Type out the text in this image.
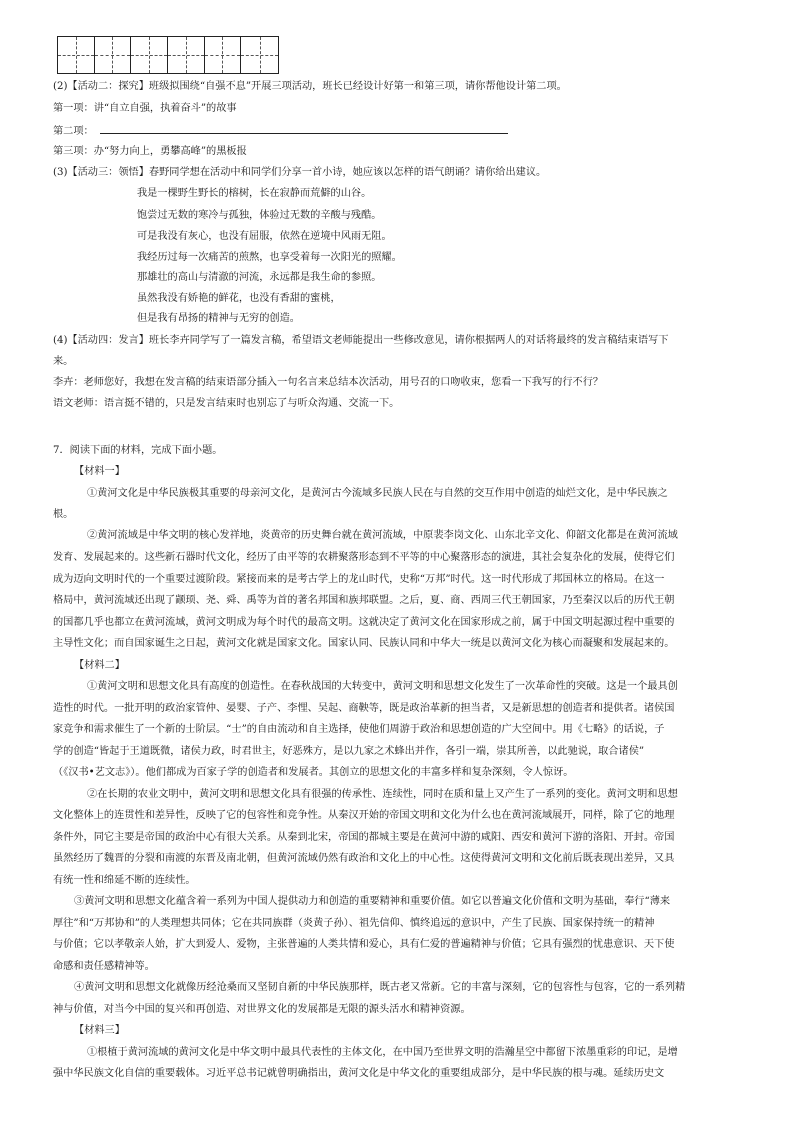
(2)【活动二：探究】班级拟围绕“自强不息”开展三项活动，班长已经设计好第一和第三项，请你帮他设计第二项。
第一项：讲“自立自强，执着奋斗”的故事
第二项：
第三项：办“努力向上，勇攀高峰”的黑板报
(3)【活动三：领悟】春野同学想在活动中和同学们分享一首小诗，她应该以怎样的语气朗诵？请你给出建议。
我是一棵野生野长的榕树，长在寂静而荒僻的山谷。
饱尝过无数的寒冷与孤独，体验过无数的辛酸与残酷。
可是我没有灰心，也没有屈服，依然在逆境中风雨无阻。
我经历过每一次痛苦的煎熬，也享受着每一次阳光的照耀。
那雄壮的高山与清澈的河流，永远都是我生命的参照。
虽然我没有娇艳的鲜花，也没有香甜的蜜桃，
但是我有昂扬的精神与无穷的创造。
(4)【活动四：发言】班长李卉同学写了一篇发言稿，希望语文老师能提出一些修改意见，请你根据两人的对话将最终的发言稿结束语写下
来。
李卉：老师您好，我想在发言稿的结束语部分插入一句名言来总结本次活动，用号召的口吻收束，您看一下我写的行不行？
语文老师：语言挺不错的，只是发言结束时也别忘了与听众沟通、交流一下。
7．阅读下面的材料，完成下面小题。
【材料一】
①黄河文化是中华民族极其重要的母亲河文化，是黄河古今流域多民族人民在与自然的交互作用中创造的灿烂文化，是中华民族之
根。
②黄河流域是中华文明的核心发祥地，炎黄帝的历史舞台就在黄河流域，中原裴李岗文化、山东北辛文化、仰韶文化都是在黄河流域
发育、发展起来的。这些新石器时代文化，经历了由平等的农耕聚落形态到不平等的中心聚落形态的演进，其社会复杂化的发展，使得它们
成为迈向文明时代的一个重要过渡阶段。紧接而来的是考古学上的龙山时代，史称“万邦”时代。这一时代形成了邦国林立的格局。在这一
格局中，黄河流域还出现了颛顼、尧、舜、禹等为首的著名邦国和族邦联盟。之后，夏、商、西周三代王朝国家，乃至秦汉以后的历代王朝
的国都几乎也都立在黄河流域，黄河文明成为每个时代的最高文明。这就决定了黄河文化在国家形成之前，属于中国文明起源过程中重要的
主导性文化；而自国家诞生之日起，黄河文化就是国家文化。国家认同、民族认同和中华大一统是以黄河文化为核心而凝聚和发展起来的。
【材料二】
①黄河文明和思想文化具有高度的创造性。在春秋战国的大转变中，黄河文明和思想文化发生了一次革命性的突破。这是一个最具创
造性的时代。一批开明的政治家管仲、晏婴、子产、李悝、吴起、商鞅等，既是政治革新的担当者，又是新思想的创造者和提供者。诸侯国
家竞争和需求催生了一个新的士阶层。“士”的自由流动和自主选择，使他们周游于政治和思想创造的广大空间中。用《七略》的话说，子
学的创造“皆起于王道既微，诸侯力政，时君世主，好恶殊方，是以九家之术蜂出并作，各引一端，崇其所善，以此驰说，取合诸侯”
（《汉书•艺文志》）。他们都成为百家子学的创造者和发展者。其创立的思想文化的丰富多样和复杂深刻，令人惊讶。
②在长期的农业文明中，黄河文明和思想文化具有很强的传承性、连续性，同时在质和量上又产生了一系列的变化。黄河文明和思想
文化整体上的连贯性和差异性，反映了它的包容性和竞争性。从秦汉开始的帝国文明和文化为什么也在黄河流域展开，同样，除了它的地理
条件外，同它主要是帝国的政治中心有很大关系。从秦到北宋，帝国的都城主要是在黄河中游的咸阳、西安和黄河下游的洛阳、开封。帝国
虽然经历了魏晋的分裂和南渡的东晋及南北朝，但黄河流域仍然有政治和文化上的中心性。这使得黄河文明和文化前后既表现出差异，又具
有统一性和绵延不断的连续性。
③黄河文明和思想文化蕴含着一系列为中国人提供动力和创造的重要精神和重要价值。如它以普遍文化价值和文明为基础，奉行“薄来
厚往”和“万邦协和”的人类理想共同体；它在共同族群（炎黄子孙）、祖先信仰、慎终追远的意识中，产生了民族、国家保持统一的精神
与价值；它以孝敬亲人始，扩大到爱人、爱物，主张普遍的人类共情和爱心，具有仁爱的普遍精神与价值；它具有强烈的忧患意识、天下使
命感和责任感精神等。
④黄河文明和思想文化就像历经沧桑而又坚韧自新的中华民族那样，既古老又常新。它的丰富与深刻，它的包容性与包容，它的一系列精
神与价值，对当今中国的复兴和再创造、对世界文化的发展都是无限的源头活水和精神资源。
【材料三】
①根植于黄河流域的黄河文化是中华文明中最具代表性的主体文化，在中国乃至世界文明的浩瀚星空中都留下浓墨重彩的印记，是增
强中华民族文化自信的重要载体。习近平总书记就曾明确指出，黄河文化是中华文化的重要组成部分，是中华民族的根与魂。延续历史文
